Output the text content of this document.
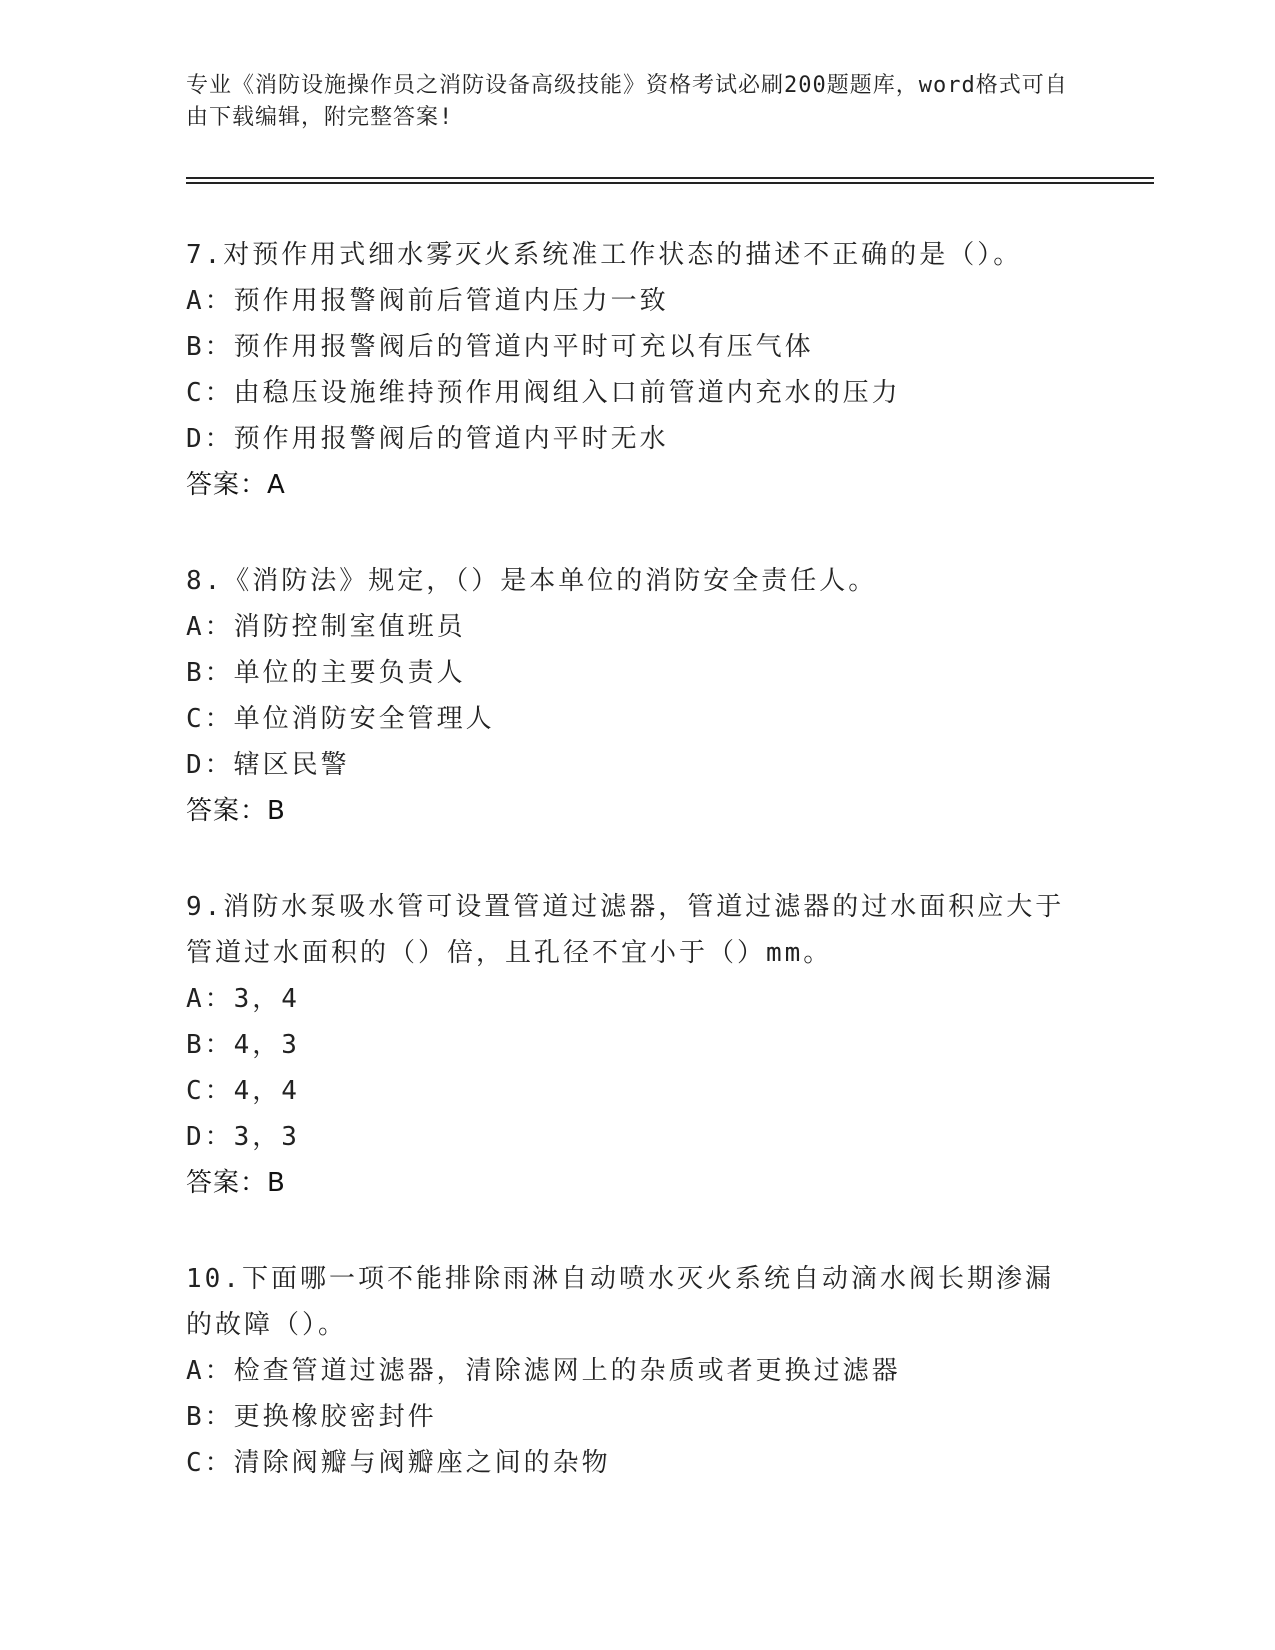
专业《消防设施操作员之消防设备高级技能》资格考试必刷200题题库，word格式可自由下载编辑，附完整答案!
7.对预作用式细水雾灭火系统准工作状态的描述不正确的是（）。
A：预作用报警阀前后管道内压力一致
B：预作用报警阀后的管道内平时可充以有压气体
C：由稳压设施维持预作用阀组入口前管道内充水的压力
D：预作用报警阀后的管道内平时无水
答案：A
8.《消防法》规定，（）是本单位的消防安全责任人。
A：消防控制室值班员
B：单位的主要负责人
C：单位消防安全管理人
D：辖区民警
答案：B
9.消防水泵吸水管可设置管道过滤器，管道过滤器的过水面积应大于管道过水面积的（）倍，且孔径不宜小于（）mm。
A：3，4
B：4，3
C：4，4
D：3，3
答案：B
10.下面哪一项不能排除雨淋自动喷水灭火系统自动滴水阀长期渗漏的故障（）。
A：检查管道过滤器，清除滤网上的杂质或者更换过滤器
B：更换橡胶密封件
C：清除阀瓣与阀瓣座之间的杂物
